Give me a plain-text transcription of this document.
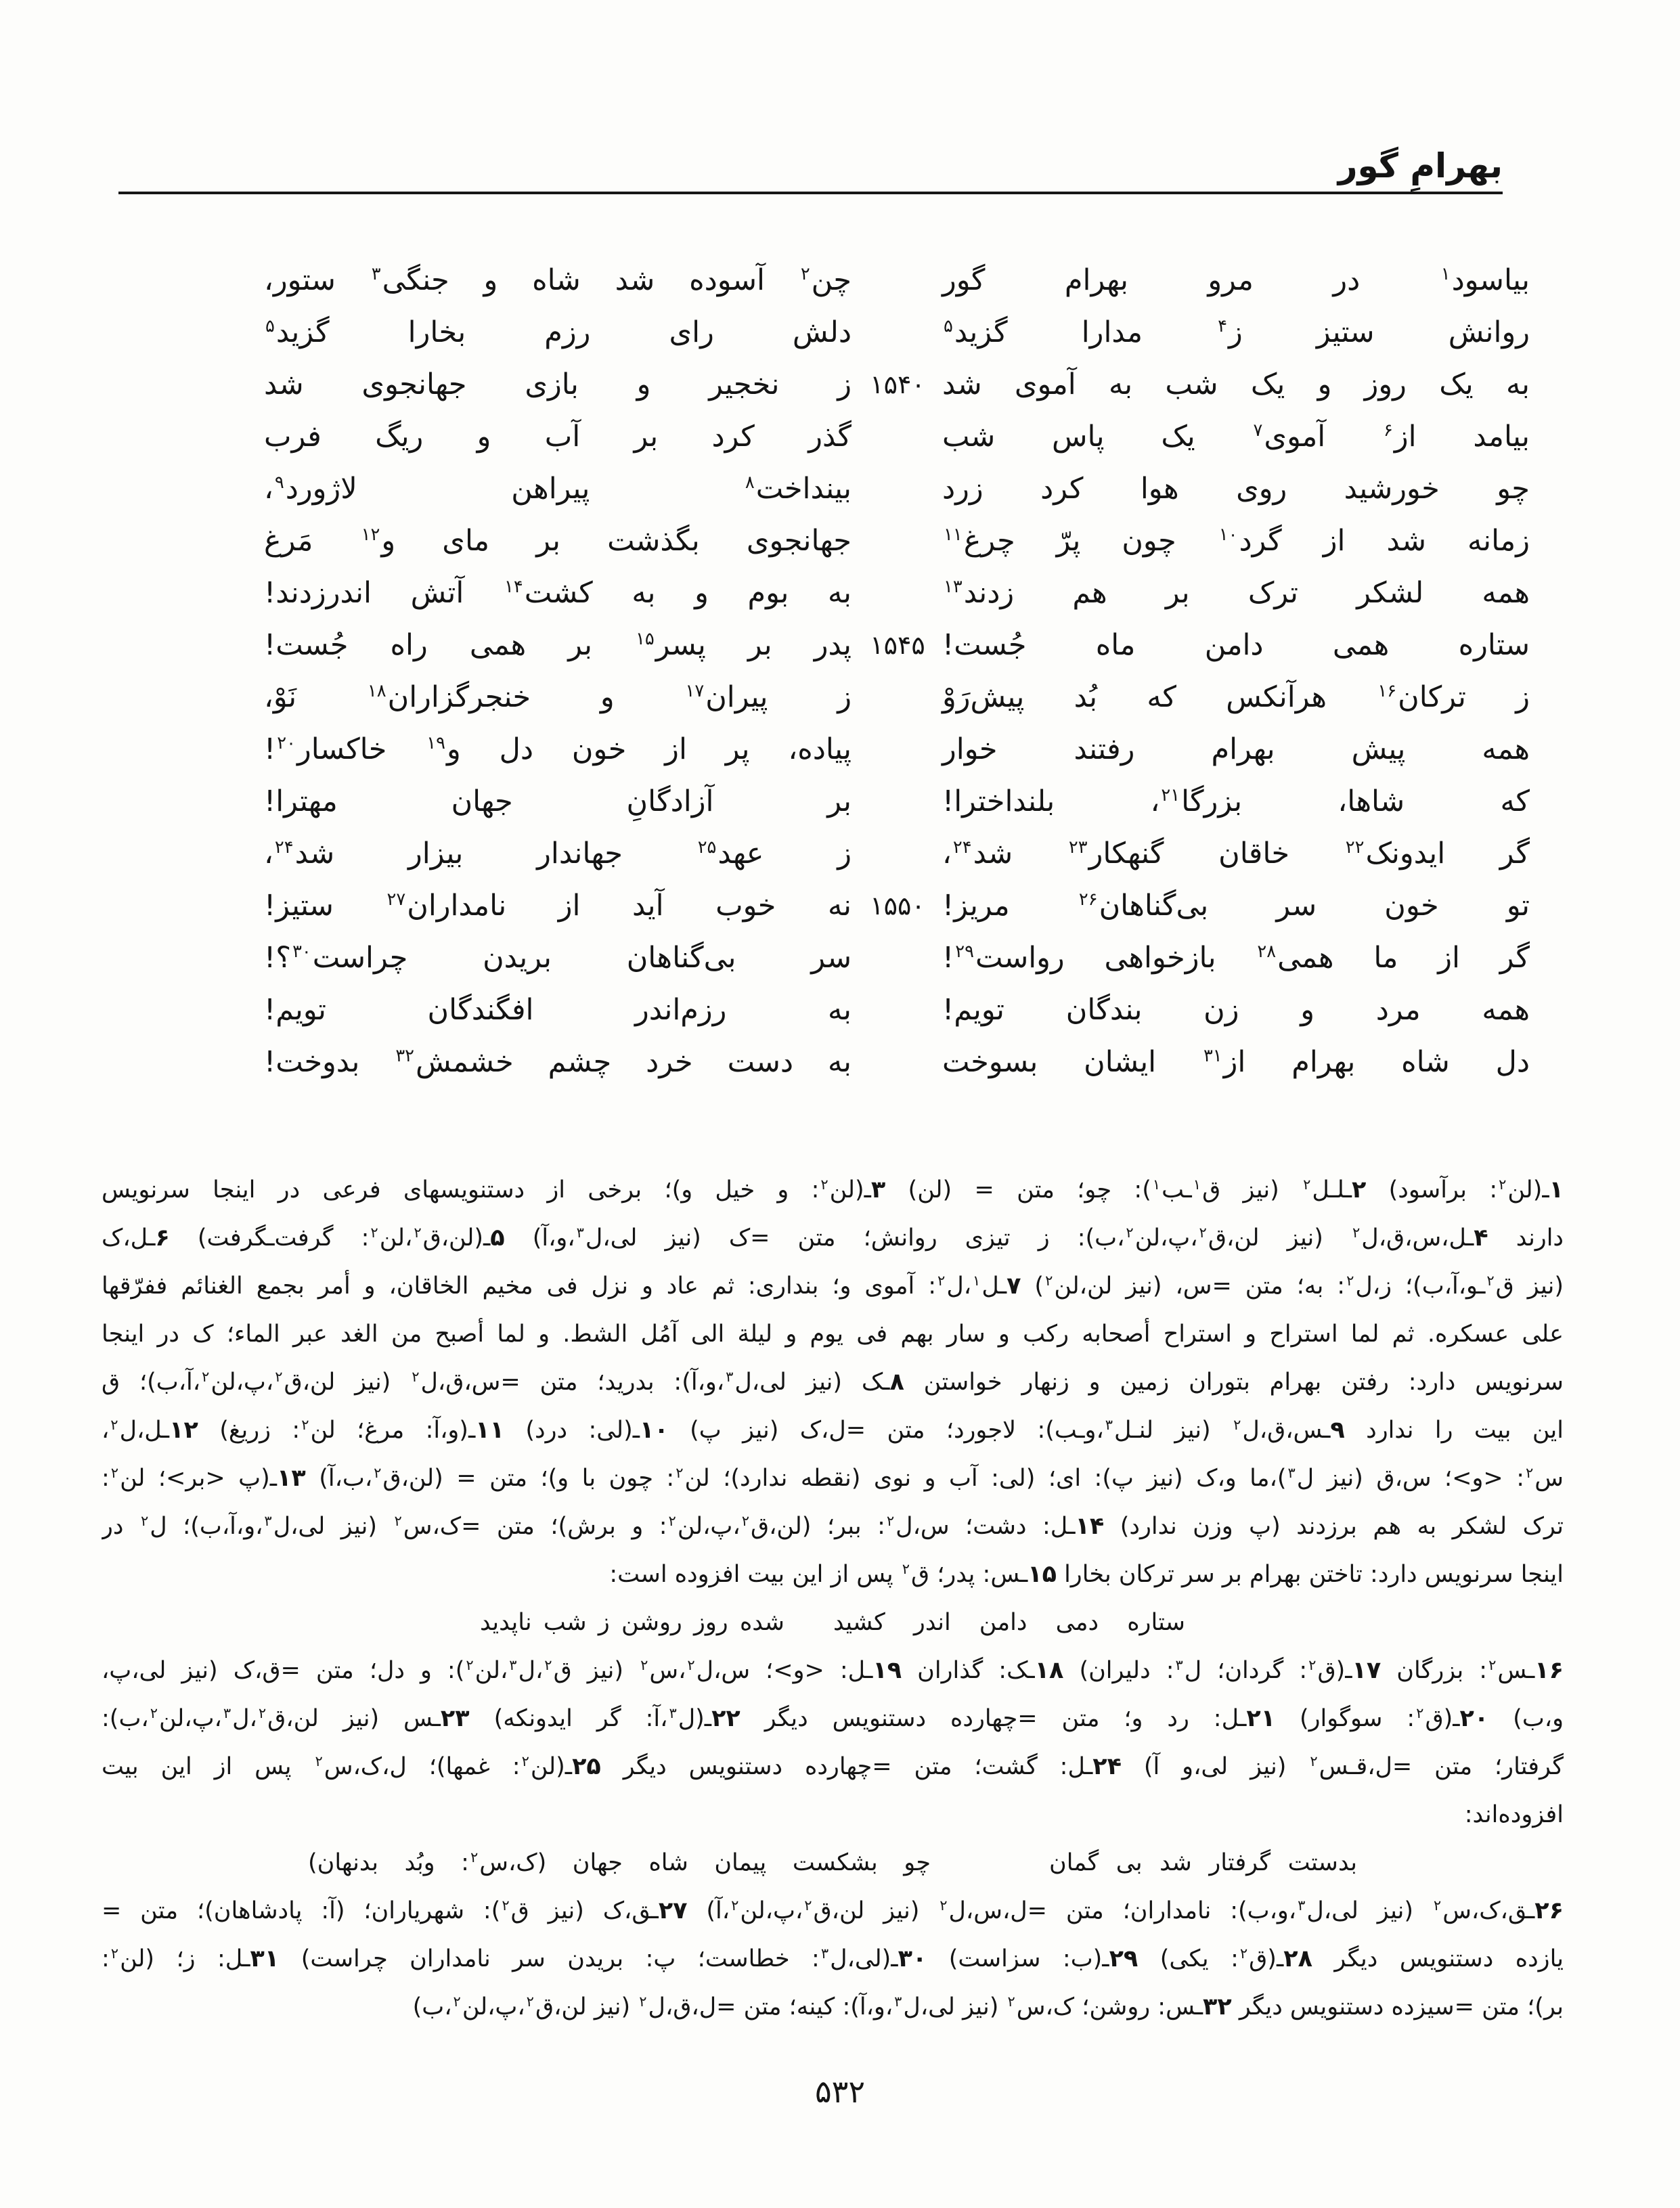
بهرامِ گور
بیاسود$^۱$ در مرو بهرام گور
چن$^۲$ آسوده شد شاه و جنگی$^۳$ ستور،
روانش ستیز ز$^۴$ مدارا گزید$^۵$
دلش رای رزم بخارا گزید$^۵$
به یک روز و یک شب به آموی شد
۱۵۴۰
ز نخجیر و بازی جهانجوی شد
بیامد از$^۶$ آموی$^۷$ یک پاس شب
گذر کرد بر آب و ریگ فرب
چو خورشید روی هوا کرد زرد
بینداخت$^۸$ پیراهن لاژورد$^۹$،
زمانه شد از گرد$^{۱۰}$ چون پرّ چرغ$^{۱۱}$
جهانجوی بگذشت بر مای و$^{۱۲}$ مَرغ
همه لشکر ترک بر هم زدند$^{۱۳}$
به بوم و به کشت$^{۱۴}$ آتش اندرزدند!
ستاره همی دامن ماه جُست!
۱۵۴۵
پدر بر پسر$^{۱۵}$ بر همی راه جُست!
ز ترکان$^{۱۶}$ هرآنکس که بُد پیش‌رَوْ
ز پیران$^{۱۷}$ و خنجرگزاران$^{۱۸}$ نَوْ،
همه پیش بهرام رفتند خوار
پیاده، پر از خون دل و$^{۱۹}$ خاکسار$^{۲۰}$!
که شاها، بزرگا$^{۲۱}$، بلنداخترا!
بر آزادگانِ جهان مهترا!
گر ایدونک$^{۲۲}$ خاقان گنهکار$^{۲۳}$ شد$^{۲۴}$،
ز عهد$^{۲۵}$ جهاندار بیزار شد$^{۲۴}$،
تو خون سر بی‌گناهان$^{۲۶}$ مریز!
۱۵۵۰
نه خوب آید از نامداران$^{۲۷}$ ستیز!
گر از ما همی$^{۲۸}$ بازخواهی رواست$^{۲۹}$!
سر بی‌گناهان بریدن چراست$^{۳۰}$؟!
همه مرد و زن بندگان تویم!
به رزم‌اندر افگندگان تویم!
دل شاه بهرام از$^{۳۱}$ ایشان بسوخت
به دست خرد چشم خشمش$^{۳۲}$ بدوخت!
۱ـ(لن$^۲$: برآسود) ۲ـلـل$^۲$ (نیز ق$^۱$ـب$^۱$): چو؛ متن = (لن) ۳ـ(لن$^۲$: و خیل و)؛ برخی از دستنویسهای فرعی در اینجا سرنویس
دارند ۴ـل،س،ق،ل$^۲$ (نیز لن،ق$^۲$،پ،لن$^۲$،ب): ز تیزی روانش؛ متن =ک (نیز لی،ل$^۳$،و،آ) ۵ـ(لن،ق$^۲$،لن$^۲$: گرفت‌ـگرفت) ۶ـل،ک
(نیز ق$^۲$ـو،آ،ب)؛ ز،ل$^۲$: به؛ متن =س، (نیز لن،لن$^۲$) ۷ـل$^۱$،ل$^۲$: آموی و؛ بنداری: ثم عاد و نزل فی مخیم الخاقان، و أمر بجمع الغنائم ففرّقها
علی عسکره. ثم لما استراح و استراح أصحابه رکب و سار بهم فی یوم و لیلة الی آمُل الشط. و لما أصبح من الغد عبر الماء؛ ک در اینجا
سرنویس دارد: رفتن بهرام بتوران زمین و زنهار خواستن ۸ـک (نیز لی،ل$^۳$،و،آ): بدرید؛ متن =س،ق،ل$^۲$ (نیز لن،ق$^۲$،پ،لن$^۲$،آ،ب)؛ ق
این بیت را ندارد ۹ـس،ق،ل$^۲$ (نیز لنـل$^۳$،وـب): لاجورد؛ متن =ل،ک (نیز پ) ۱۰ـ(لی: درد) ۱۱ـ(و،آ: مرغ؛ لن$^۲$: زریغ) ۱۲ـل،ل$^۲$،
س$^۲$: <و>؛ س،ق (نیز ل$^۳$)،ما و،ک (نیز پ): ای؛ (لی: آب و نوی (نقطه ندارد)؛ لن$^۲$: چون با و)؛ متن = (لن،ق$^۲$،ب،آ) ۱۳ـ(پ <بر>؛ لن$^۲$:
ترک لشکر به هم برزدند (پ وزن ندارد) ۱۴ـل: دشت؛ س،ل$^۲$: ببر؛ (لن،ق$^۲$،پ،لن$^۲$: و برش)؛ متن =ک،س$^۲$ (نیز لی،ل$^۳$،و،آ،ب)؛ ل$^۲$ در
اینجا سرنویس دارد: تاختن بهرام بر سر ترکان بخارا ۱۵ـس: پدر؛ ق$^۲$ پس از این بیت افزوده است:
ستاره دمی دامن اندر کشید
شده روز روشن ز شب ناپدید
۱۶ـس$^۲$: بزرگان ۱۷ـ(ق$^۲$: گردان؛ ل$^۳$: دلیران) ۱۸ـک: گذاران ۱۹ـل: <و>؛ س،ل$^۲$،س$^۲$ (نیز ق$^۲$،ل$^۳$،لن$^۲$): و دل؛ متن =ق،ک (نیز لی،پ،
و،ب) ۲۰ـ(ق$^۲$: سوگوار) ۲۱ـل: رد و؛ متن =چهارده دستنویس دیگر ۲۲ـ(ل$^۳$،آ: گر ایدونکه) ۲۳ـس (نیز لن،ق$^۲$،ل$^۳$،پ،لن$^۲$،ب):
گرفتار؛ متن =ل،قـس$^۲$ (نیز لی،و آ) ۲۴ـل: گشت؛ متن =چهارده دستنویس دیگر ۲۵ـ(لن$^۲$: غمها)؛ ل،ک،س$^۲$ پس از این بیت
افزوده‌اند:
بدستت گرفتار شد بی گمان
چو بشکست پیمان شاه جهان (ک،س$^۲$: وبُد بدنهان)
۲۶ـق،ک،س$^۲$ (نیز لی،ل$^۳$،و،ب): نامداران؛ متن =ل،س،ل$^۲$ (نیز لن،ق$^۲$،پ،لن$^۲$،آ) ۲۷ـق،ک (نیز ق$^۲$): شهریاران؛ (آ: پادشاهان)؛ متن =
یازده دستنویس دیگر ۲۸ـ(ق$^۲$: یکی) ۲۹ـ(ب: سزاست) ۳۰ـ(لی،ل$^۳$: خطاست؛ پ: بریدن سر نامداران چراست) ۳۱ـل: ز؛ (لن$^۲$:
بر)؛ متن =سیزده دستنویس دیگر ۳۲ـس: روشن؛ ک،س$^۲$ (نیز لی،ل$^۳$،و،آ): کینه؛ متن =ل،ق،ل$^۲$ (نیز لن،ق$^۲$،پ،لن$^۲$،ب)
۵۳۲
